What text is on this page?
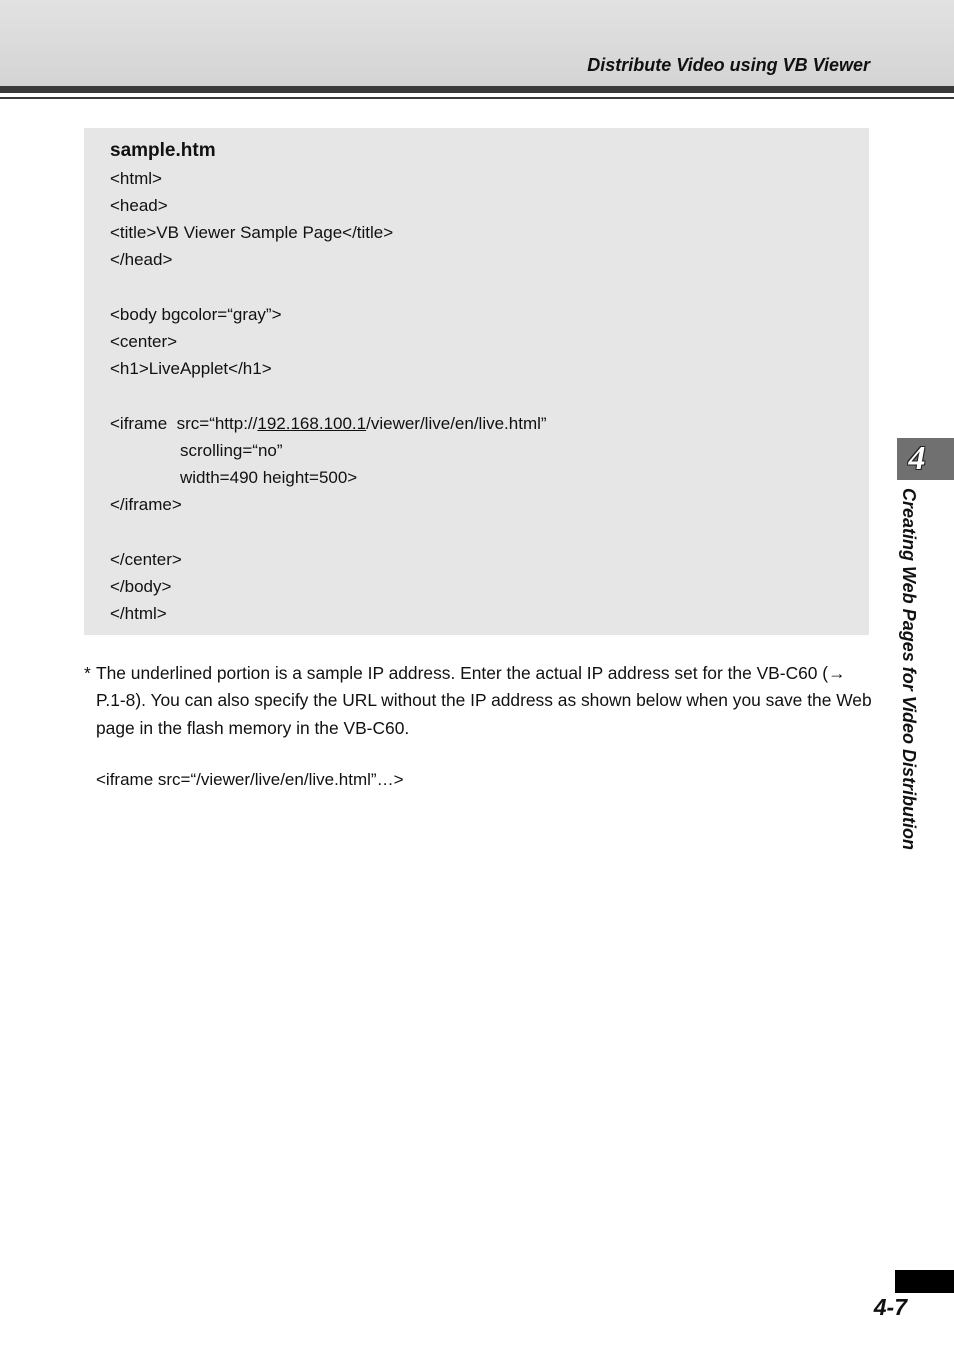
Distribute Video using VB Viewer
sample.htm
<html>
<head>
<title>VB Viewer Sample Page</title>
</head>
<body bgcolor=“gray”>
<center>
<h1>LiveApplet</h1>
<iframe  src=“http://192.168.100.1/viewer/live/en/live.html”
scrolling=“no”
width=490 height=500>
</iframe>
</center>
</body>
</html>
* The underlined portion is a sample IP address. Enter the actual IP address set for the VB-C60 (→ P.1-8). You can also specify the URL without the IP address as shown below when you save the Web page in the flash memory in the VB-C60.
<iframe src=“/viewer/live/en/live.html”…>
4
Creating Web Pages for Video Distribution
4-7
